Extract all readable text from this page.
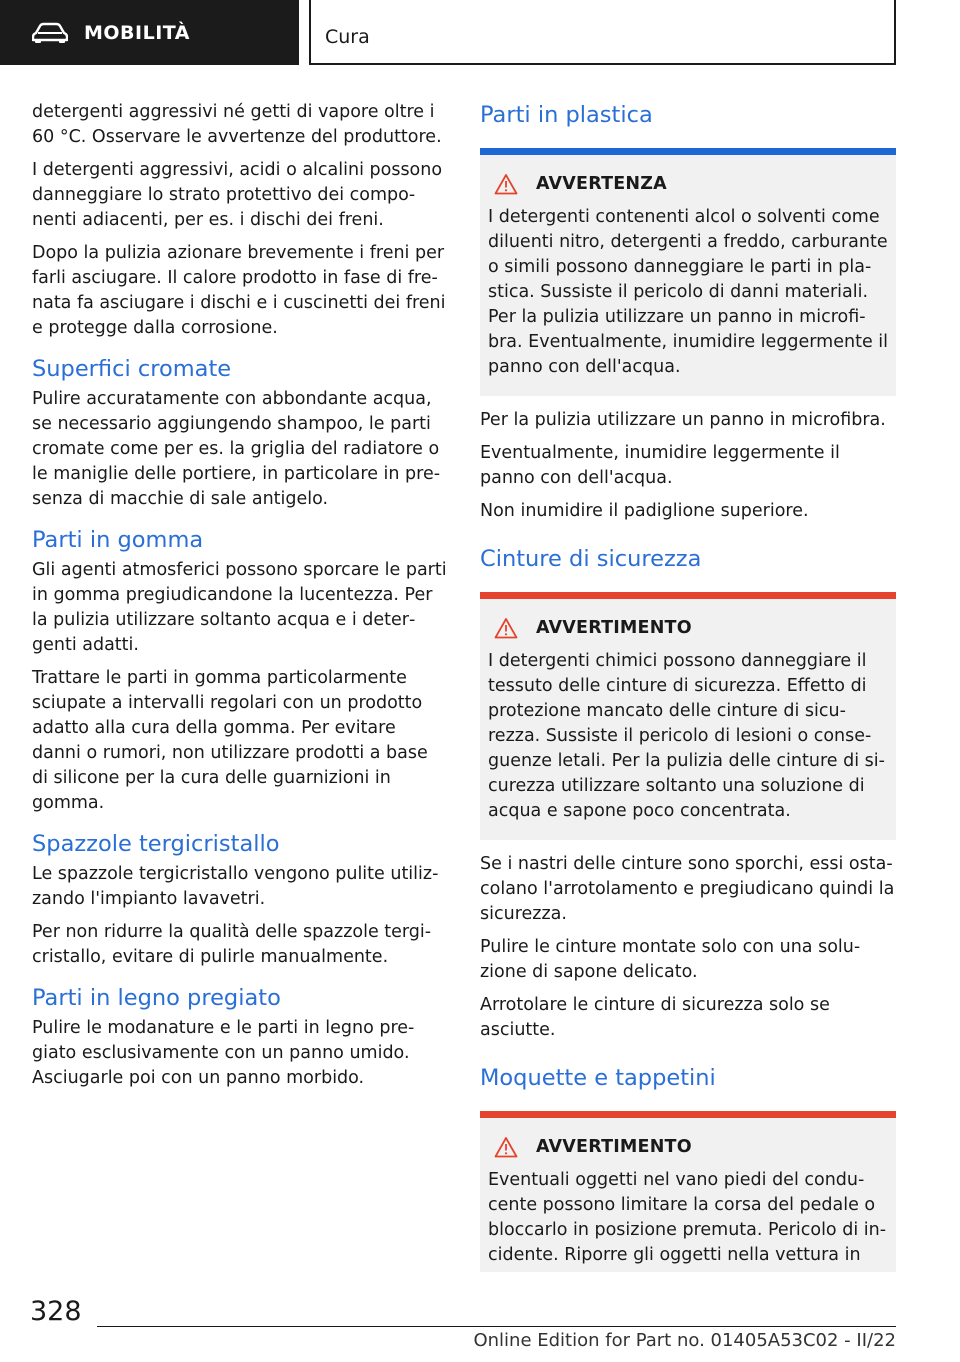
MOBILITÀ	Cura

detergenti aggressivi né getti di vapore oltre i 60 °C. Osservare le avvertenze del produttore.

I detergenti aggressivi, acidi o alcalini possono danneggiare lo strato protettivo dei componenti adiacenti, per es. i dischi dei freni.

Dopo la pulizia azionare brevemente i freni per farli asciugare. Il calore prodotto in fase di frenata fa asciugare i dischi e i cuscinetti dei freni e protegge dalla corrosione.

Superfici cromate

Pulire accuratamente con abbondante acqua, se necessario aggiungendo shampoo, le parti cromate come per es. la griglia del radiatore o le maniglie delle portiere, in particolare in presenza di macchie di sale antigelo.

Parti in gomma

Gli agenti atmosferici possono sporcare le parti in gomma pregiudicandone la lucentezza. Per la pulizia utilizzare soltanto acqua e i detergenti adatti.

Trattare le parti in gomma particolarmente sciupate a intervalli regolari con un prodotto adatto alla cura della gomma. Per evitare danni o rumori, non utilizzare prodotti a base di silicone per la cura delle guarnizioni in gomma.

Spazzole tergicristallo

Le spazzole tergicristallo vengono pulite utilizzando l'impianto lavavetri.

Per non ridurre la qualità delle spazzole tergicristallo, evitare di pulirle manualmente.

Parti in legno pregiato

Pulire le modanature e le parti in legno pregiato esclusivamente con un panno umido. Asciugarle poi con un panno morbido.

Parti in plastica
AVVERTENZA

I detergenti contenenti alcol o solventi come diluenti nitro, detergenti a freddo, carburante o simili possono danneggiare le parti in plastica. Sussiste il pericolo di danni materiali. Per la pulizia utilizzare un panno in microfibra. Eventualmente, inumidire leggermente il panno con dell'acqua.

Per la pulizia utilizzare un panno in microfibra.

Eventualmente, inumidire leggermente il panno con dell'acqua.

Non inumidire il padiglione superiore.

Cinture di sicurezza
AVVERTIMENTO

I detergenti chimici possono danneggiare il tessuto delle cinture di sicurezza. Effetto di protezione mancato delle cinture di sicurezza. Sussiste il pericolo di lesioni o conseguenze letali. Per la pulizia delle cinture di sicurezza utilizzare soltanto una soluzione di acqua e sapone poco concentrata.

Se i nastri delle cinture sono sporchi, essi ostacolano l'arrotolamento e pregiudicano quindi la sicurezza.

Pulire le cinture montate solo con una soluzione di sapone delicato.

Arrotolare le cinture di sicurezza solo se asciutte.

Moquette e tappetini
AVVERTIMENTO

Eventuali oggetti nel vano piedi del conducente possono limitare la corsa del pedale o bloccarlo in posizione premuta. Pericolo di incidente. Riporre gli oggetti nella vettura in

328
Online Edition for Part no. 01405A53C02 - II/22
